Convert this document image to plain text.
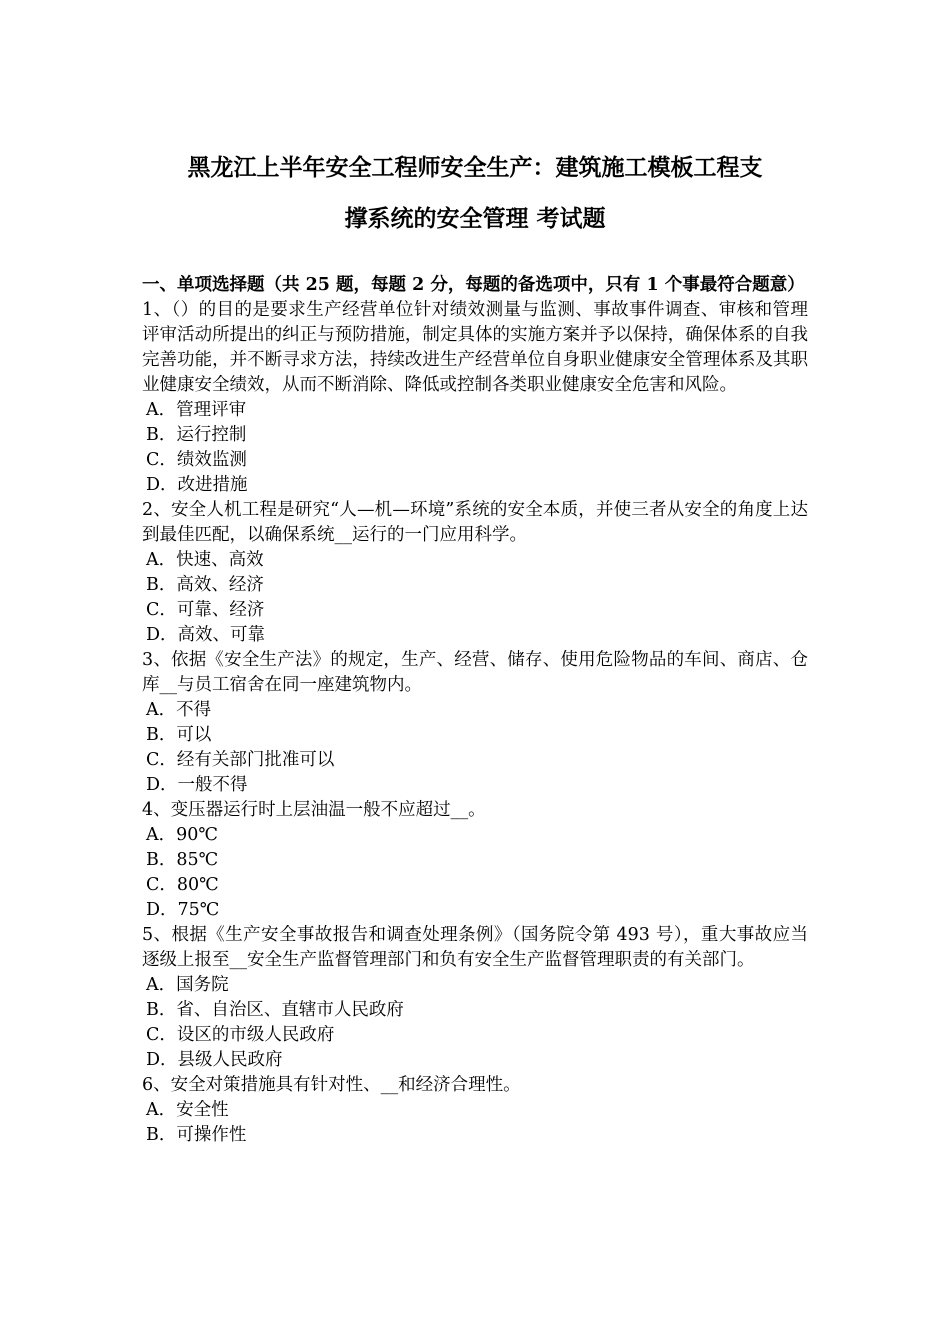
黑龙江上半年安全工程师安全生产：建筑施工模板工程支
撑系统的安全管理 考试题

一、单项选择题（共 25 题，每题 2 分，每题的备选项中，只有 1 个事最符合题意）

1、（）的目的是要求生产经营单位针对绩效测量与监测、事故事件调查、审核和管理评审活动所提出的纠正与预防措施，制定具体的实施方案并予以保持，确保体系的自我完善功能，并不断寻求方法，持续改进生产经营单位自身职业健康安全管理体系及其职业健康安全绩效，从而不断消除、降低或控制各类职业健康安全危害和风险。

A．管理评审

B．运行控制

C．绩效监测

D．改进措施

2、安全人机工程是研究“人—机—环境”系统的安全本质，并使三者从安全的角度上达到最佳匹配，以确保系统__运行的一门应用科学。

A．快速、高效

B．高效、经济

C．可靠、经济

D．高效、可靠

3、依据《安全生产法》的规定，生产、经营、储存、使用危险物品的车间、商店、仓库__与员工宿舍在同一座建筑物内。

A．不得

B．可以

C．经有关部门批准可以

D．一般不得

4、变压器运行时上层油温一般不应超过__。

A．90℃

B．85℃

C．80℃

D．75℃

5、根据《生产安全事故报告和调查处理条例》（国务院令第 493 号），重大事故应当逐级上报至__安全生产监督管理部门和负有安全生产监督管理职责的有关部门。

A．国务院

B．省、自治区、直辖市人民政府

C．设区的市级人民政府

D．县级人民政府

6、安全对策措施具有针对性、__和经济合理性。

A．安全性

B．可操作性
